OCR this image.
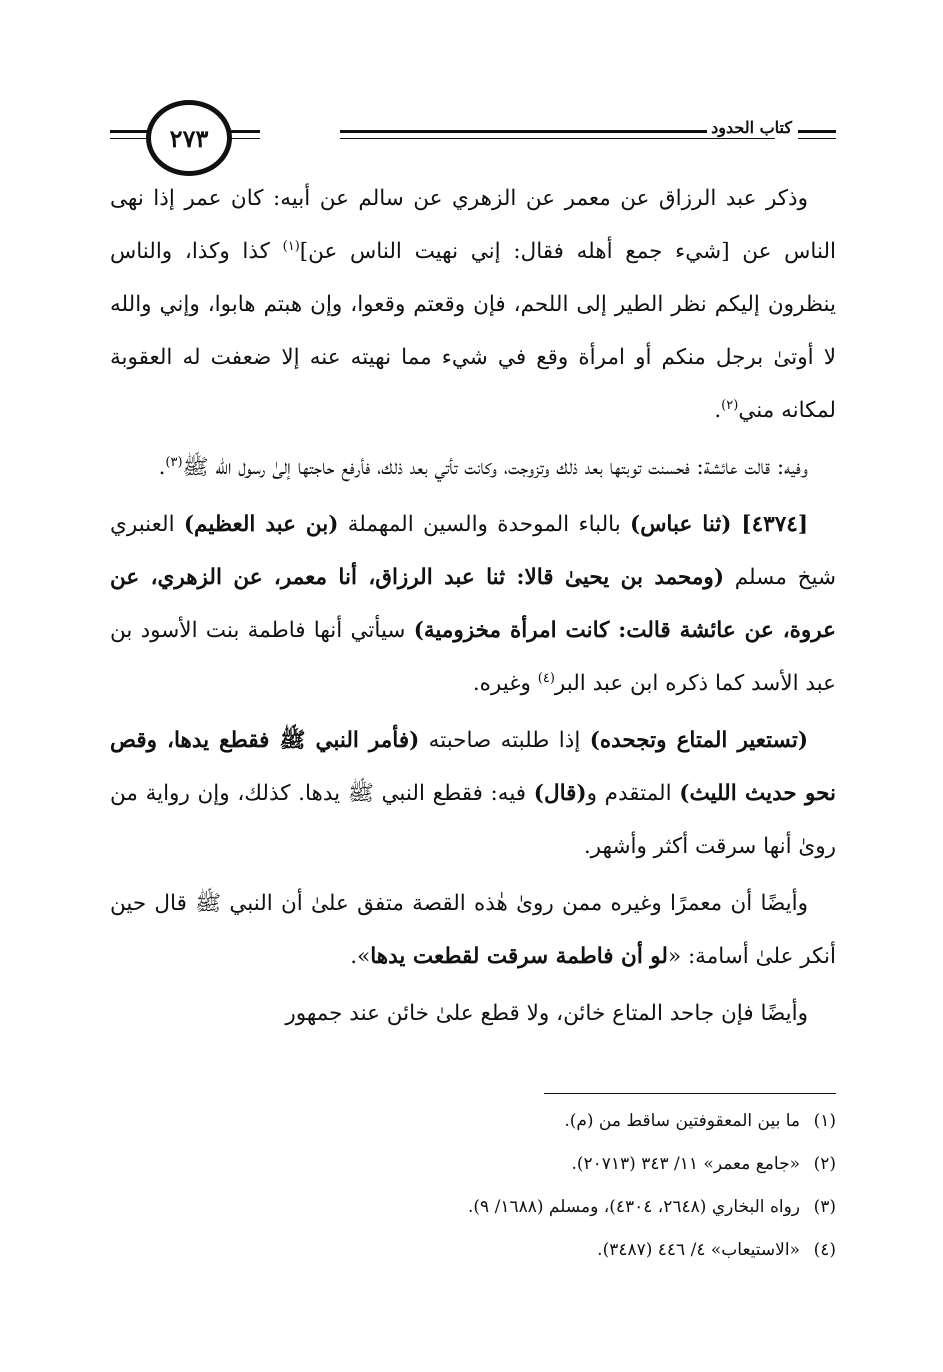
٢٧٣	كتاب الحدود

وذكر عبد الرزاق عن معمر عن الزهري عن سالم عن أبيه: كان عمر إذا نهى الناس عن [شيء جمع أهله فقال: إني نهيت الناس عن]$^{(١)}$ كذا وكذا، والناس ينظرون إليكم نظر الطير إلى اللحم، فإن وقعتم وقعوا، وإن هبتم هابوا، وإني والله لا أوتىٰ برجل منكم أو امرأة وقع في شيء مما نهيته عنه إلا ضعفت له العقوبة لمكانه مني$^{(٢)}$.

وفيه: قالت عائشة: فحسنت توبتها بعد ذلك وتزوجت، وكانت تأتي بعد ذلك، فأرفع حاجتها إلىٰ رسول الله ﷺ$^{(٣)}$.

[٤٣٧٤] (ثنا عباس) بالباء الموحدة والسين المهملة (بن عبد العظيم) العنبري شيخ مسلم (ومحمد بن يحيىٰ قالا: ثنا عبد الرزاق، أنا معمر، عن الزهري، عن عروة، عن عائشة قالت: كانت امرأة مخزومية) سيأتي أنها فاطمة بنت الأسود بن عبد الأسد كما ذكره ابن عبد البر$^{(٤)}$ وغيره.

(تستعير المتاع وتجحده) إذا طلبته صاحبته (فأمر النبي ﷺ فقطع يدها، وقص نحو حديث الليث) المتقدم و(قال) فيه: فقطع النبي ﷺ يدها. كذلك، وإن رواية من روىٰ أنها سرقت أكثر وأشهر.

وأيضًا أن معمرًا وغيره ممن روىٰ هٰذه القصة متفق علىٰ أن النبي ﷺ قال حين أنكر علىٰ أسامة: «لو أن فاطمة سرقت لقطعت يدها».

وأيضًا فإن جاحد المتاع خائن، ولا قطع علىٰ خائن عند جمهور

(١)ما بين المعقوفتين ساقط من (م).
(٢)«جامع معمر» ١١/ ٣٤٣ (٢٠٧١٣).
(٣)رواه البخاري (٢٦٤٨، ٤٣٠٤)، ومسلم (١٦٨٨/ ٩).
(٤)«الاستيعاب» ٤/ ٤٤٦ (٣٤٨٧).
